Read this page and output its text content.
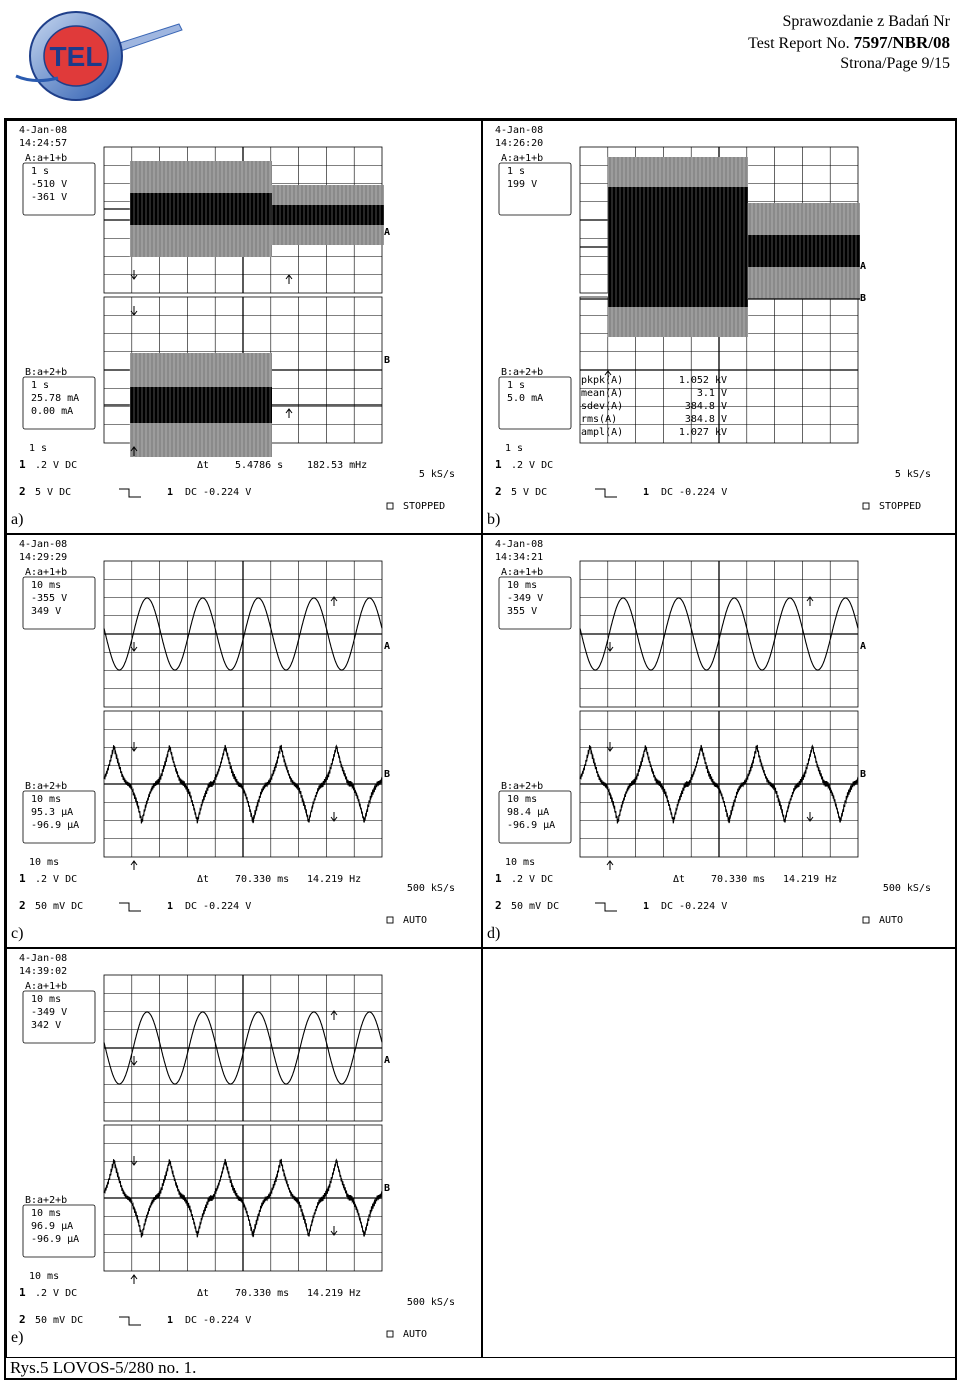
TEL
Sprawozdanie z Badań Nr
Test Report No. 7597/NBR/08
Strona/Page 9/15
4-Jan-08
14:24:57
A:a+1+b
1 s
-510 V
-361 V
B:a+2+b
1 s
25.78 mA
0.00 mA
A
B
1 s
1 .2 V DC	Δt	5.4786 s 182.53 mHz
5 kS/s
2 5 V DC	1 DC -0.224 V
STOPPED
a)
4-Jan-08
14:26:20
A:a+1+b
1 s
199 V
B:a+2+b
1 s
5.0 mA
pkpk(A)	1.052 kV
mean(A)	3.1 V
sdev(A)	384.8 V
rms(A)	384.8 V
ampl(A)	1.027 kV
A
B
1 s
1 .2 V DC
5 kS/s
2 5 V DC	1 DC -0.224 V
STOPPED
b)
4-Jan-08
14:29:29
A:a+1+b
10 ms
-355 V
349 V
B:a+2+b
10 ms
95.3 µA
-96.9 µA
A
B
10 ms
1 .2 V DC	Δt	70.330 ms 14.219 Hz
500 kS/s
2 50 mV DC	1 DC -0.224 V
AUTO
c)
4-Jan-08
14:34:21
A:a+1+b
10 ms
-349 V
355 V
B:a+2+b
10 ms
98.4 µA
-96.9 µA
A
B
10 ms
1 .2 V DC	Δt	70.330 ms 14.219 Hz
500 kS/s
2 50 mV DC	1 DC -0.224 V
AUTO
d)
4-Jan-08
14:39:02
A:a+1+b
10 ms
-349 V
342 V
B:a+2+b
10 ms
96.9 µA
-96.9 µA
A
B
10 ms
1 .2 V DC	Δt	70.330 ms 14.219 Hz
500 kS/s
2 50 mV DC	1 DC -0.224 V
AUTO
e)
Rys.5 LOVOS-5/280 no. 1.
